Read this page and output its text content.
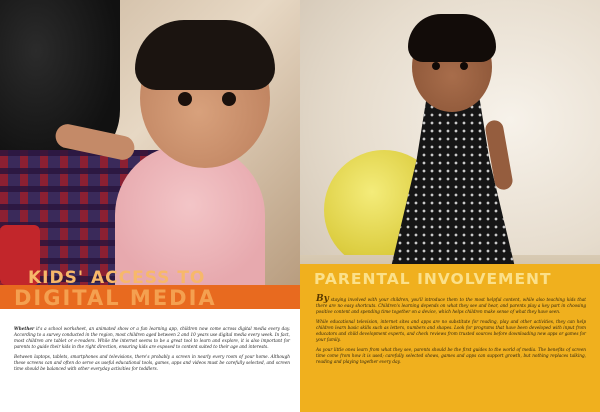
KIDS' ACCESS TO
DIGITAL MEDIA

Whether it's a school worksheet, an animated show or a fun learning app, children now come across digital media every day. According to a survey conducted in the region, most children aged between 2 and 10 years use digital media every week. In fact, most children are tablet or e-readers. While the internet seems to be a great tool to learn and explore, it is also important for parents to guide their kids in the right direction, ensuring kids are exposed to content suited to their age and interests.

Between laptops, tablets, smartphones and televisions, there's probably a screen in nearly every room of your home. Although these screens can and often do serve as useful educational tools, games, apps and videos must be carefully selected, and screen time should be balanced with other everyday activities for toddlers.

PARENTAL INVOLVEMENT

By staying involved with your children, you'll introduce them to the most helpful content, while also teaching kids that there are no easy shortcuts. Children's learning depends on what they see and hear, and parents play a key part in choosing positive content and spending time together on a device, which helps children make sense of what they have seen.

While educational television, internet sites and apps are no substitute for reading, play and other activities, they can help children learn basic skills such as letters, numbers and shapes. Look for programs that have been developed with input from educators and child development experts, and check reviews from trusted sources before downloading new apps or games for your family.

As your little ones learn from what they see, parents should be the first guides to the world of media. The benefits of screen time come from how it is used; carefully selected shows, games and apps can support growth, but nothing replaces talking, reading and playing together every day.
